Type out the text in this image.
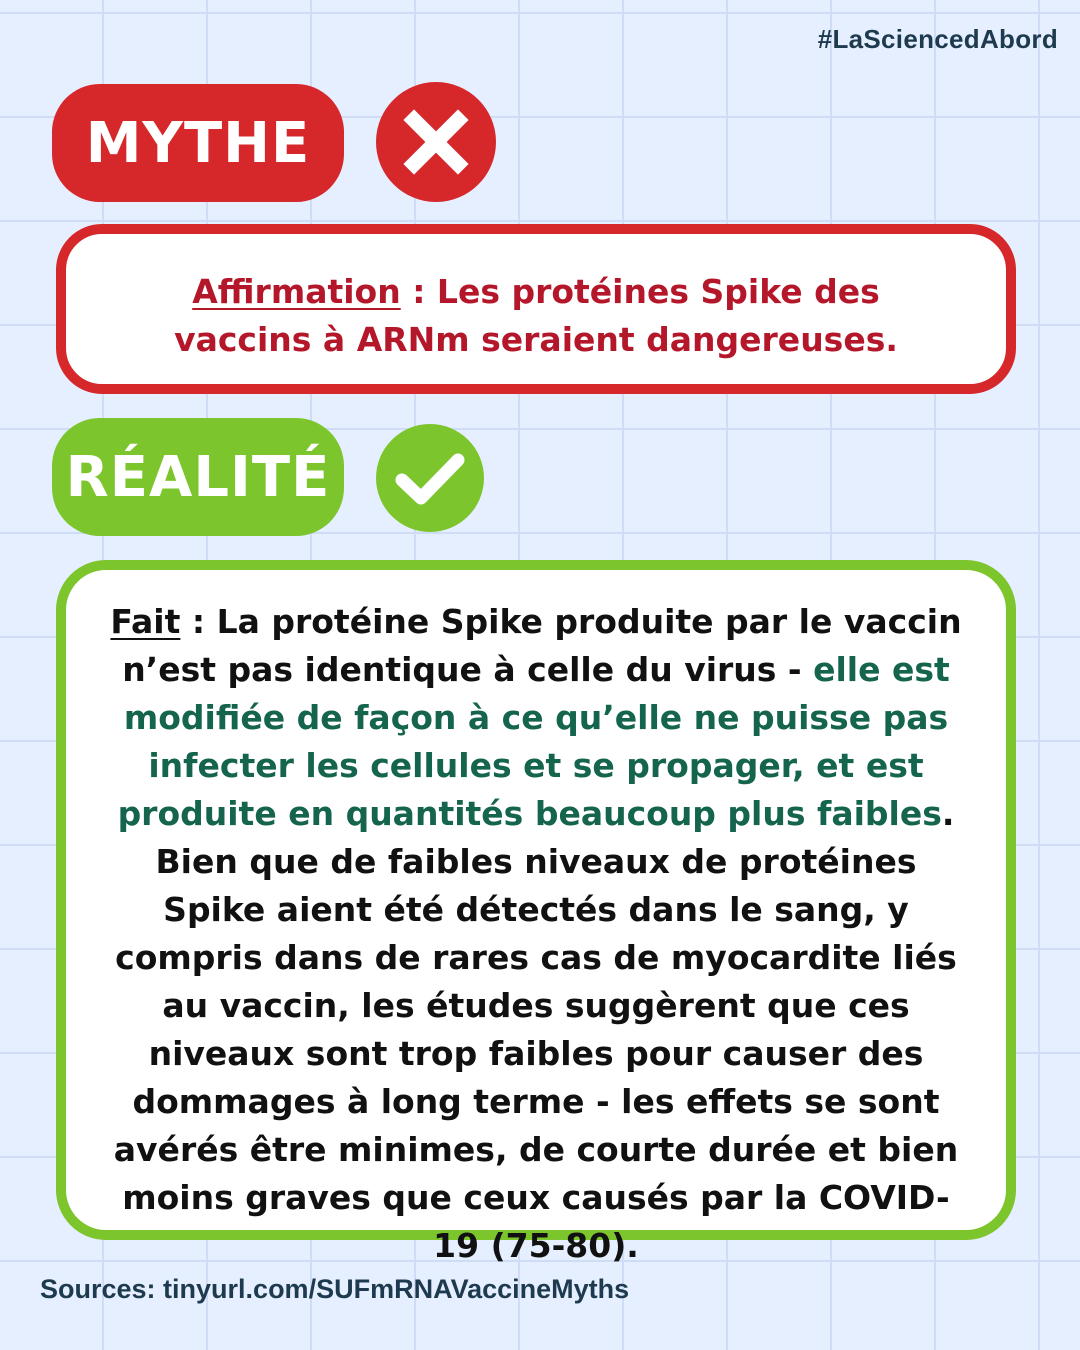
#LaSciencedAbord
MYTHE
Affirmation : Les protéines Spike des vaccins à ARNm seraient dangereuses.
RÉALITÉ
Fait : La protéine Spike produite par le vaccin n’est pas identique à celle du virus - elle est modifiée de façon à ce qu’elle ne puisse pas infecter les cellules et se propager, et est produite en quantités beaucoup plus faibles. Bien que de faibles niveaux de protéines Spike aient été détectés dans le sang, y compris dans de rares cas de myocardite liés au vaccin, les études suggèrent que ces niveaux sont trop faibles pour causer des dommages à long terme - les effets se sont avérés être minimes, de courte durée et bien moins graves que ceux causés par la COVID-19 (75-80).
Sources: tinyurl.com/SUFmRNAVaccineMyths
